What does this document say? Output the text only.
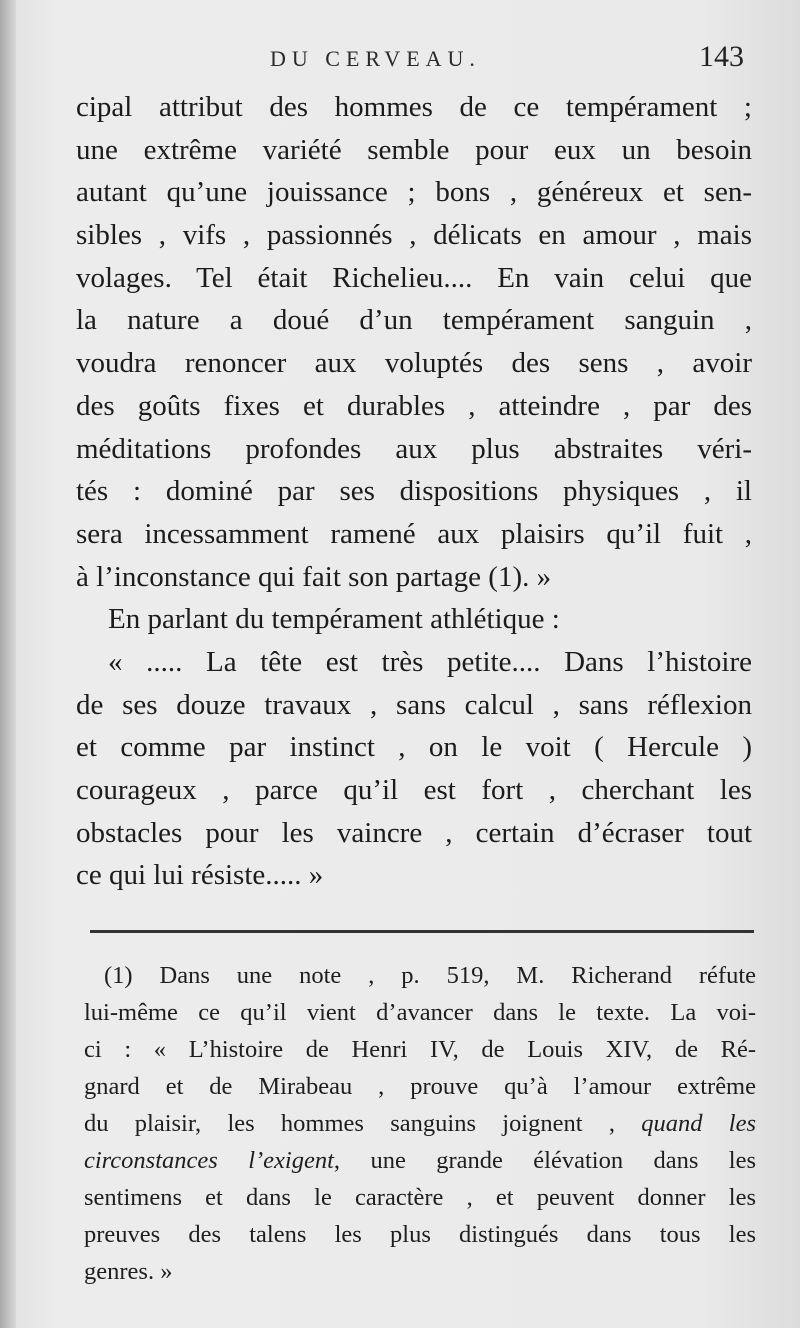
DU CERVEAU.	143
cipal attribut des hommes de ce tempérament ;
une extrême variété semble pour eux un besoin
autant qu’une jouissance ; bons , généreux et sen-
sibles , vifs , passionnés , délicats en amour , mais
volages. Tel était Richelieu.... En vain celui que
la nature a doué d’un tempérament sanguin ,
voudra renoncer aux voluptés des sens , avoir
des goûts fixes et durables , atteindre , par des
méditations profondes aux plus abstraites véri-
tés : dominé par ses dispositions physiques , il
sera incessamment ramené aux plaisirs qu’il fuit ,
à l’inconstance qui fait son partage (1). »
En parlant du tempérament athlétique :
« ..... La tête est très petite.... Dans l’histoire
de ses douze travaux , sans calcul , sans réflexion
et comme par instinct , on le voit ( Hercule )
courageux , parce qu’il est fort , cherchant les
obstacles pour les vaincre , certain d’écraser tout
ce qui lui résiste..... »
(1) Dans une note , p. 519, M. Richerand réfute
lui-même ce qu’il vient d’avancer dans le texte. La voi-
ci : « L’histoire de Henri IV, de Louis XIV, de Ré-
gnard et de Mirabeau , prouve qu’à l’amour extrême
du plaisir, les hommes sanguins joignent , quand les
circonstances l’exigent, une grande élévation dans les
sentimens et dans le caractère , et peuvent donner les
preuves des talens les plus distingués dans tous les
genres. »
